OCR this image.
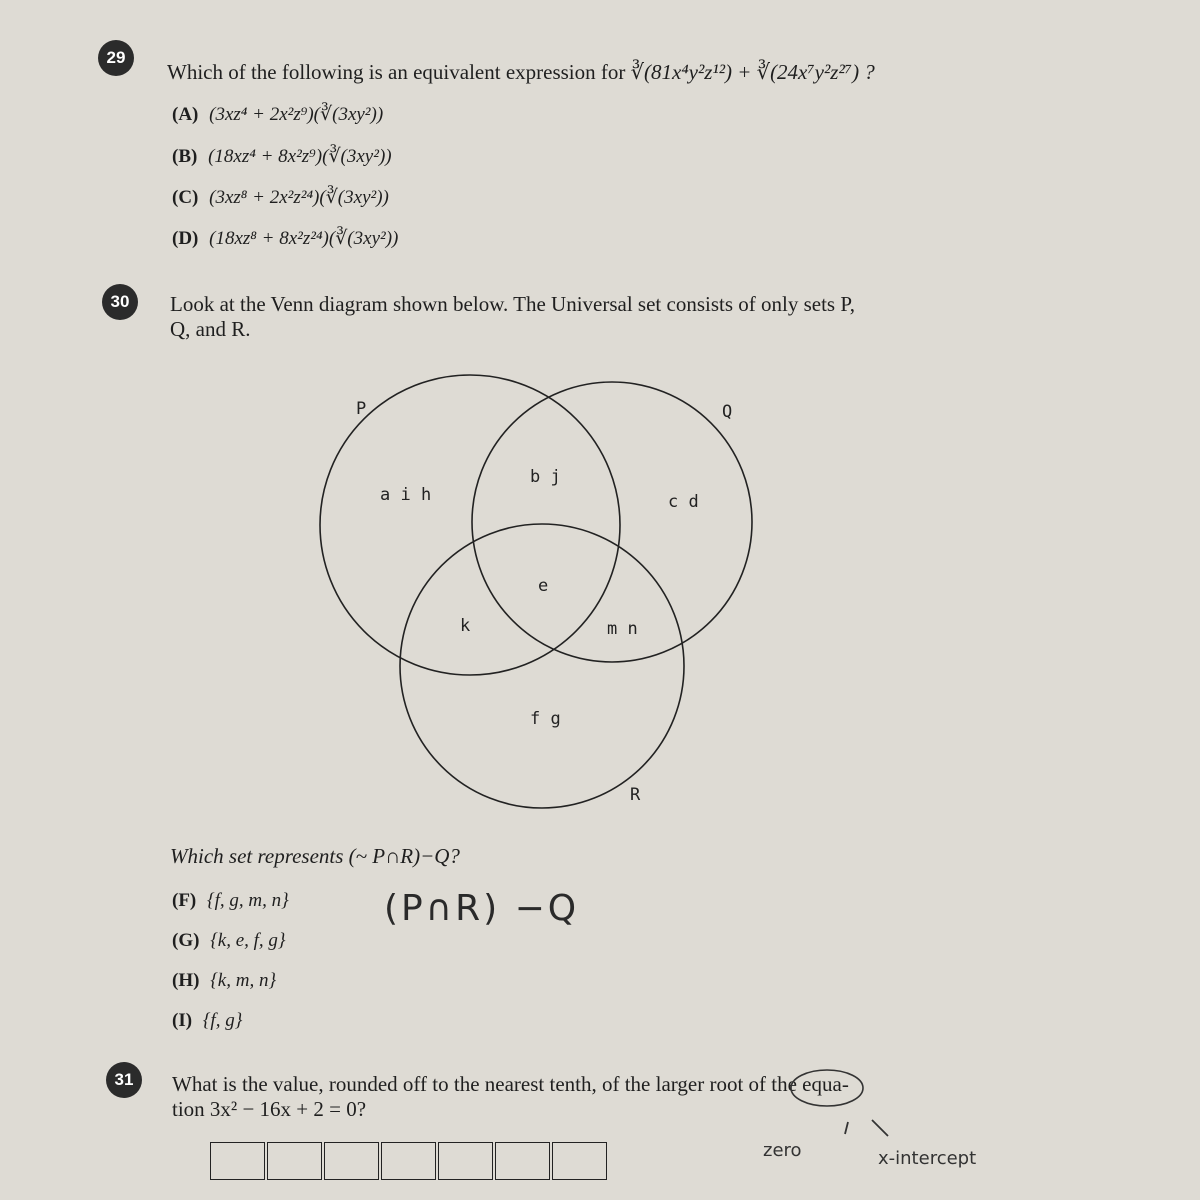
29
Which of the following is an equivalent expression for ∛(81x⁴y²z¹²) + ∛(24x⁷y²z²⁷) ?
(A) (3xz⁴ + 2x²z⁹)(∛(3xy²))
(B) (18xz⁴ + 8x²z⁹)(∛(3xy²))
(C) (3xz⁸ + 2x²z²⁴)(∛(3xy²))
(D) (18xz⁸ + 8x²z²⁴)(∛(3xy²))
30	Look at the Venn diagram shown below. The Universal set consists of only sets P,
Q, and R.
P	Q
R
a i h
b j
c d
e
k	m n
f g
Which set represents (~ P∩R)−Q?
(F) {f, g, m, n}
(G) {k, e, f, g}
(H) {k, m, n}
(I) {f, g}
(P∩R) −Q
31	What is the value, rounded off to the nearest tenth, of the larger root of the equa-
tion 3x² − 16x + 2 = 0?
zero	x-intercept
